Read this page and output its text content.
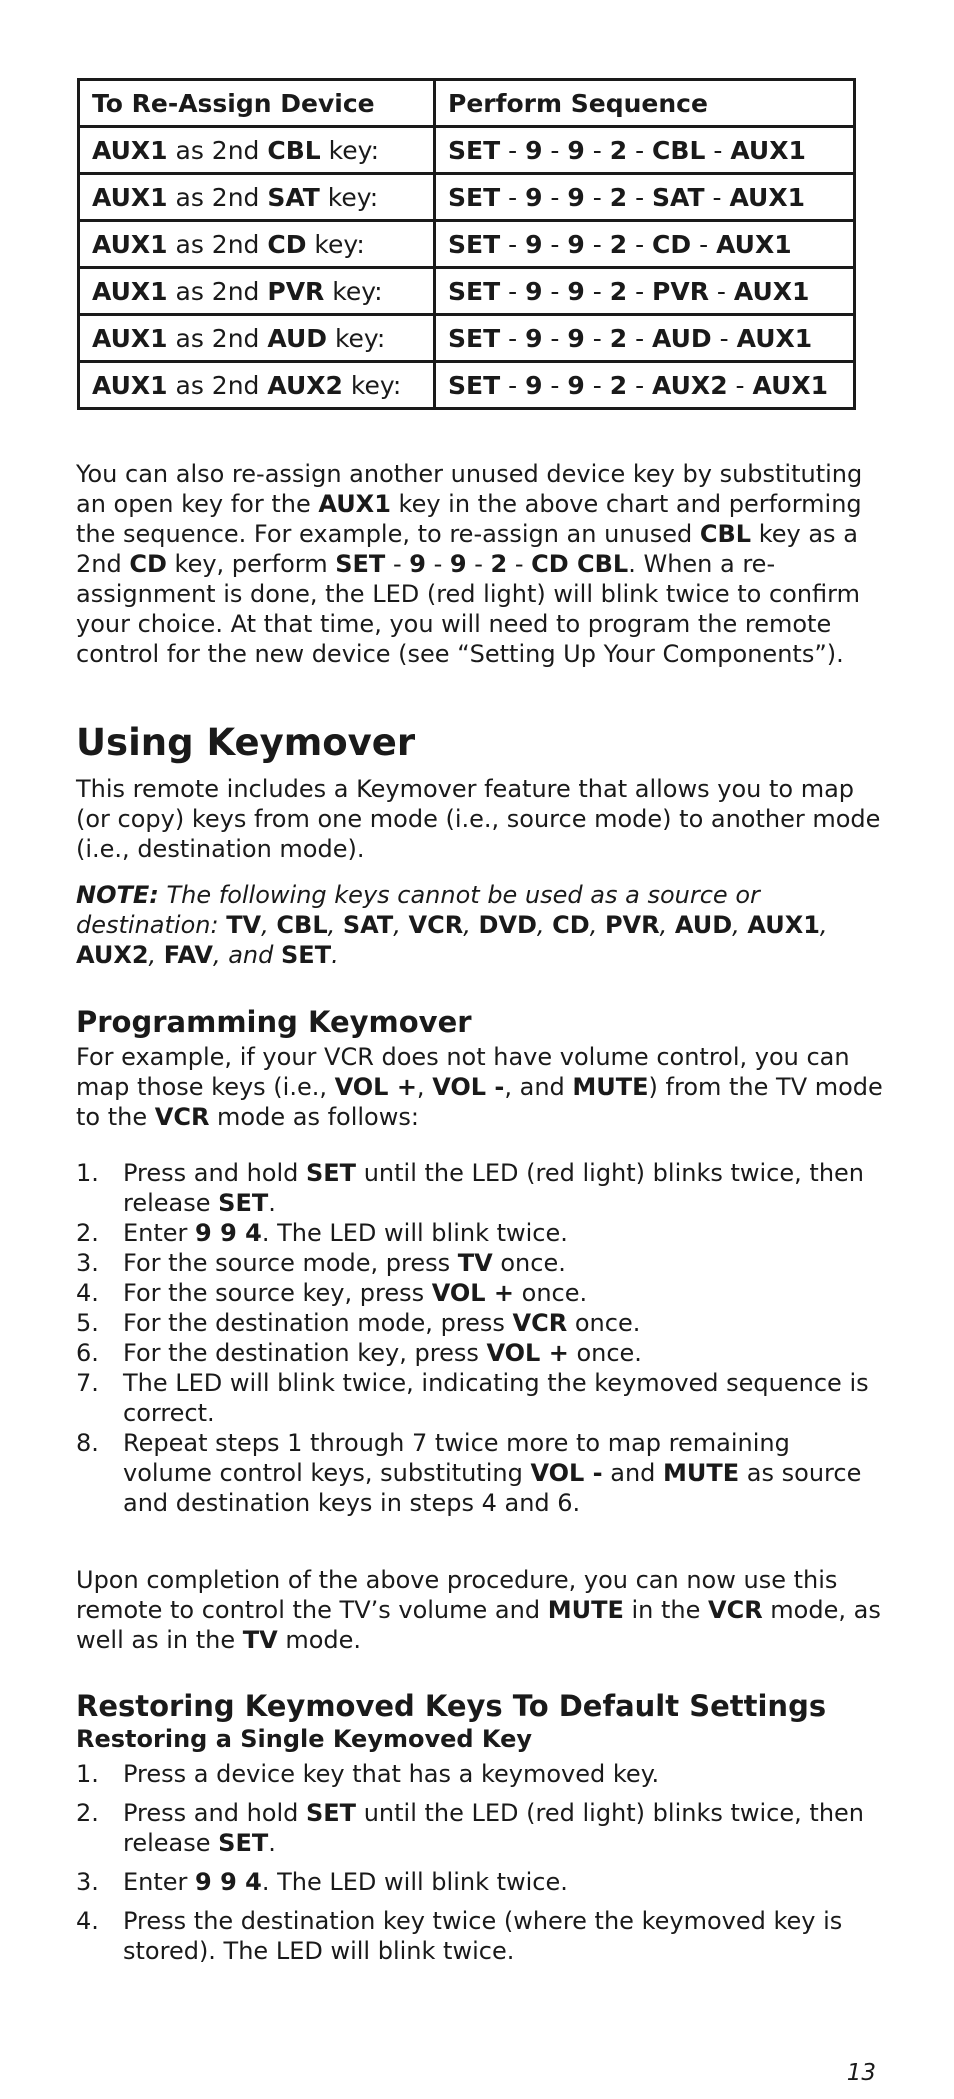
To Re-Assign Device	Perform Sequence
AUX1 as 2nd CBL key:	SET - 9 - 9 - 2 - CBL - AUX1
AUX1 as 2nd SAT key:	SET - 9 - 9 - 2 - SAT - AUX1
AUX1 as 2nd CD key:	SET - 9 - 9 - 2 - CD - AUX1
AUX1 as 2nd PVR key:	SET - 9 - 9 - 2 - PVR - AUX1
AUX1 as 2nd AUD key:	SET - 9 - 9 - 2 - AUD - AUX1
AUX1 as 2nd AUX2 key:	SET - 9 - 9 - 2 - AUX2 - AUX1

You can also re-assign another unused device key by substituting an open key for the AUX1 key in the above chart and performing the sequence. For example, to re-assign an unused CBL key as a 2nd CD key, perform SET - 9 - 9 - 2 - CD CBL. When a re-assignment is done, the LED (red light) will blink twice to confirm your choice. At that time, you will need to program the remote control for the new device (see “Setting Up Your Components”).

Using Keymover

This remote includes a Keymover feature that allows you to map (or copy) keys from one mode (i.e., source mode) to another mode (i.e., destination mode).

NOTE: The following keys cannot be used as a source or destination: TV, CBL, SAT, VCR, DVD, CD, PVR, AUD, AUX1, AUX2, FAV, and SET.

Programming Keymover

For example, if your VCR does not have volume control, you can map those keys (i.e., VOL +, VOL -, and MUTE) from the TV mode to the VCR mode as follows:

1. Press and hold SET until the LED (red light) blinks twice, then release SET.
2. Enter 9 9 4. The LED will blink twice.
3. For the source mode, press TV once.
4. For the source key, press VOL + once.
5. For the destination mode, press VCR once.
6. For the destination key, press VOL + once.
7. The LED will blink twice, indicating the keymoved sequence is correct.
8. Repeat steps 1 through 7 twice more to map remaining volume control keys, substituting VOL - and MUTE as source and destination keys in steps 4 and 6.

Upon completion of the above procedure, you can now use this remote to control the TV’s volume and MUTE in the VCR mode, as well as in the TV mode.

Restoring Keymoved Keys To Default Settings
Restoring a Single Keymoved Key
1. Press a device key that has a keymoved key.
2. Press and hold SET until the LED (red light) blinks twice, then release SET.
3. Enter 9 9 4. The LED will blink twice.
4. Press the destination key twice (where the keymoved key is stored). The LED will blink twice.
13
